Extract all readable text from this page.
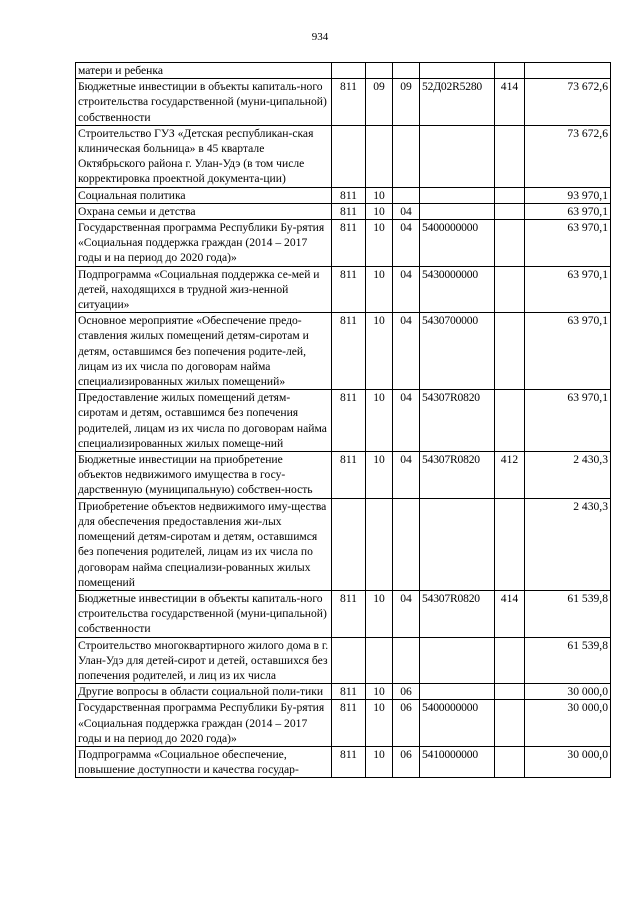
934
матери и ребенка						
Бюджетные инвестиции в объекты капиталь-ного строительства государственной (муни-ципальной) собственности	811	09	09	52Д02R5280	414	73 672,6
Строительство ГУЗ «Детская республикан-ская клиническая больница» в 45 квартале Октябрьского района г. Улан-Удэ (в том числе корректировка проектной документа-ции)						73 672,6
Социальная политика	811	10				93 970,1
Охрана семьи и детства	811	10	04			63 970,1
Государственная программа Республики Бу-рятия «Социальная поддержка граждан (2014 – 2017 годы и на период до 2020 года)»	811	10	04	5400000000		63 970,1
Подпрограмма «Социальная поддержка се-мей и детей, находящихся в трудной жиз-ненной ситуации»	811	10	04	5430000000		63 970,1
Основное мероприятие «Обеспечение предо-ставления жилых помещений детям-сиротам и детям, оставшимся без попечения родите-лей, лицам из их числа по договорам найма специализированных жилых помещений»	811	10	04	5430700000		63 970,1
Предоставление жилых помещений детям-сиротам и детям, оставшимся без попечения родителей, лицам из их числа по договорам найма специализированных жилых помеще-ний	811	10	04	54307R0820		63 970,1
Бюджетные инвестиции на приобретение объектов недвижимого имущества в госу-дарственную (муниципальную) собствен-ность	811	10	04	54307R0820	412	2 430,3
Приобретение объектов недвижимого иму-щества для обеспечения предоставления жи-лых помещений детям-сиротам и детям, оставшимся без попечения родителей, лицам из их числа по договорам найма специализи-рованных жилых помещений						2 430,3
Бюджетные инвестиции в объекты капиталь-ного строительства государственной (муни-ципальной) собственности	811	10	04	54307R0820	414	61 539,8
Строительство многоквартирного жилого дома в г. Улан-Удэ для детей-сирот и детей, оставшихся без попечения родителей, и лиц из их числа						61 539,8
Другие вопросы в области социальной поли-тики	811	10	06			30 000,0
Государственная программа Республики Бу-рятия «Социальная поддержка граждан (2014 – 2017 годы и на период до 2020 года)»	811	10	06	5400000000		30 000,0
Подпрограмма «Социальное обеспечение, повышение доступности и качества государ-	811	10	06	5410000000		30 000,0
